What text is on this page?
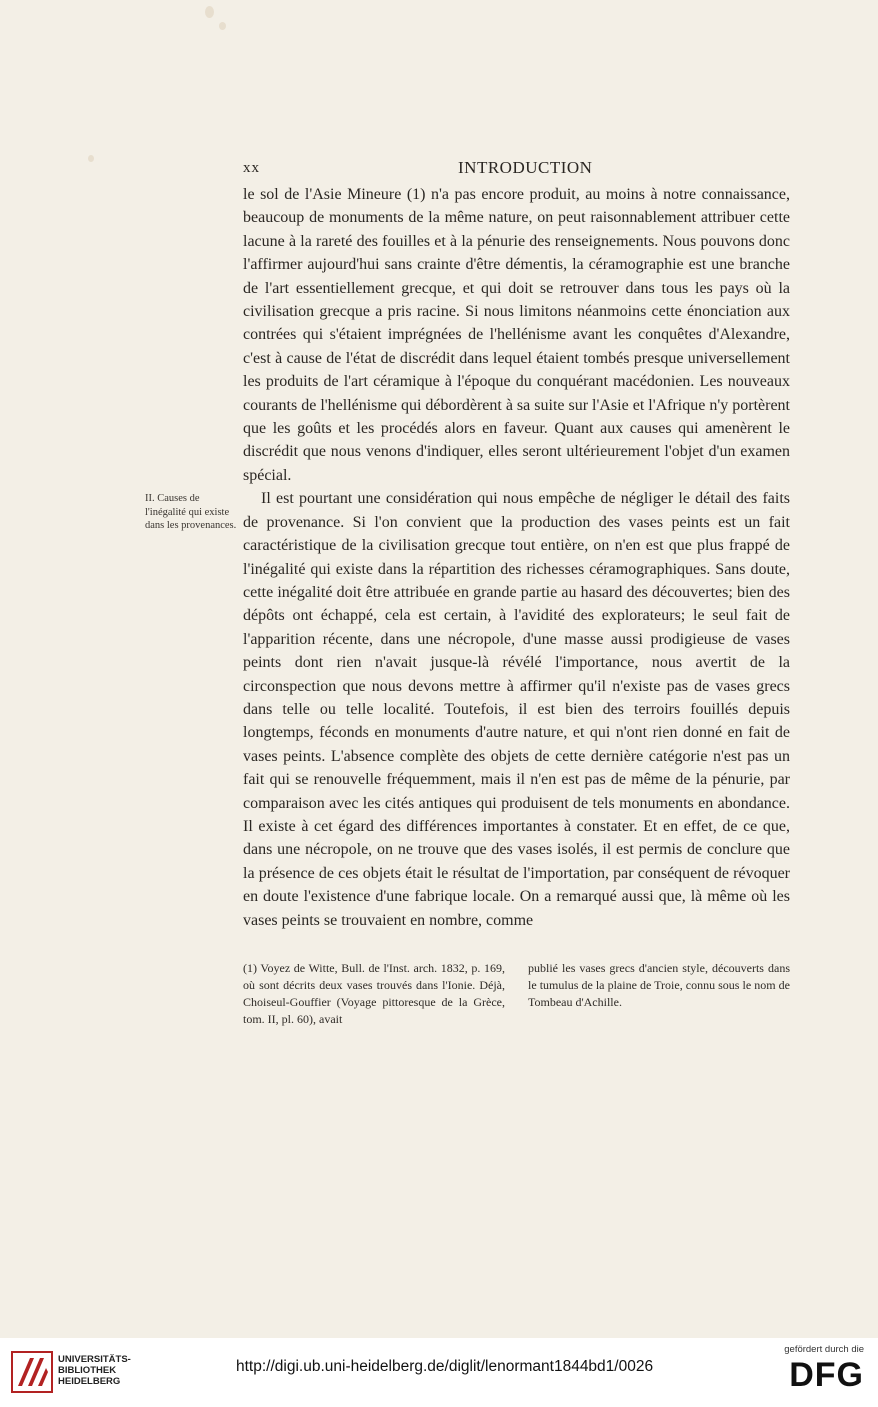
xx	INTRODUCTION

le sol de l'Asie Mineure (1) n'a pas encore produit, au moins à notre connaissance, beaucoup de monuments de la même nature, on peut raisonnablement attribuer cette lacune à la rareté des fouilles et à la pénurie des renseignements. Nous pouvons donc l'affirmer aujourd'hui sans crainte d'être démentis, la céramographie est une branche de l'art essentiellement grecque, et qui doit se retrouver dans tous les pays où la civilisation grecque a pris racine. Si nous limitons néanmoins cette énonciation aux contrées qui s'étaient imprégnées de l'hellénisme avant les conquêtes d'Alexandre, c'est à cause de l'état de discrédit dans lequel étaient tombés presque universellement les produits de l'art céramique à l'époque du conquérant macédonien. Les nouveaux courants de l'hellénisme qui débordèrent à sa suite sur l'Asie et l'Afrique n'y portèrent que les goûts et les procédés alors en faveur. Quant aux causes qui amenèrent le discrédit que nous venons d'indiquer, elles seront ultérieurement l'objet d'un examen spécial.

Il est pourtant une considération qui nous empêche de négliger le détail des faits de provenance. Si l'on convient que la production des vases peints est un fait caractéristique de la civilisation grecque tout entière, on n'en est que plus frappé de l'inégalité qui existe dans la répartition des richesses céramographiques. Sans doute, cette inégalité doit être attribuée en grande partie au hasard des découvertes; bien des dépôts ont échappé, cela est certain, à l'avidité des explorateurs; le seul fait de l'apparition récente, dans une nécropole, d'une masse aussi prodigieuse de vases peints dont rien n'avait jusque-là révélé l'importance, nous avertit de la circonspection que nous devons mettre à affirmer qu'il n'existe pas de vases grecs dans telle ou telle localité. Toutefois, il est bien des terroirs fouillés depuis longtemps, féconds en monuments d'autre nature, et qui n'ont rien donné en fait de vases peints. L'absence complète des objets de cette dernière catégorie n'est pas un fait qui se renouvelle fréquemment, mais il n'en est pas de même de la pénurie, par comparaison avec les cités antiques qui produisent de tels monuments en abondance. Il existe à cet égard des différences importantes à constater. Et en effet, de ce que, dans une nécropole, on ne trouve que des vases isolés, il est permis de conclure que la présence de ces objets était le résultat de l'importation, par conséquent de révoquer en doute l'existence d'une fabrique locale. On a remarqué aussi que, là même où les vases peints se trouvaient en nombre, comme

II. Causes de l'inégalité qui existe dans les provenances.
(1) Voyez de Witte, Bull. de l'Inst. arch. 1832, p. 169, où sont décrits deux vases trouvés dans l'Ionie. Déjà, Choiseul-Gouffier (Voyage pittoresque de la Grèce, tom. II, pl. 60), avait
publié les vases grecs d'ancien style, découverts dans le tumulus de la plaine de Troie, connu sous le nom de Tombeau d'Achille.
UNIVERSITÄTS-
BIBLIOTHEK
HEIDELBERG
http://digi.ub.uni-heidelberg.de/diglit/lenormant1844bd1/0026
gefördert durch die
DFG
